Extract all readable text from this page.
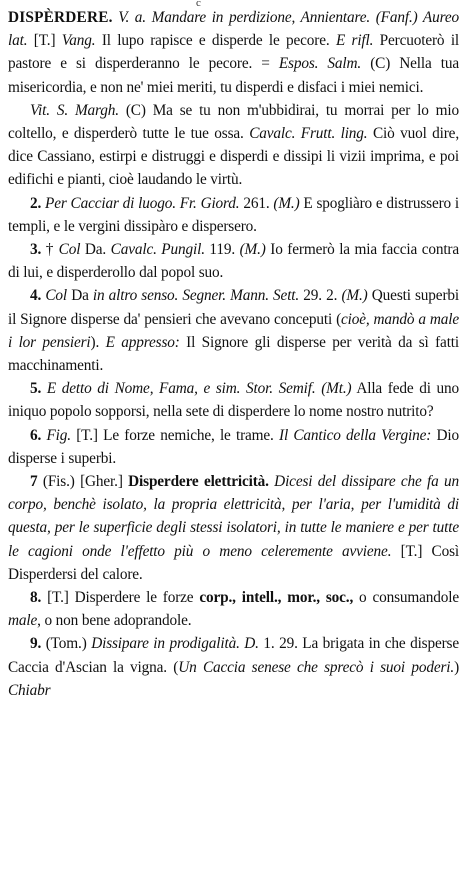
c

DISPÈRDERE. V. a. Mandare in perdizione, Annientare. (Fanf.) Aureo lat. [T.] Vang. Il lupo rapisce e disperde le pecore. E rifl. Percuoterò il pastore e si disperderanno le pecore. = Espos. Salm. (C) Nella tua misericordia, e non ne' miei meriti, tu disperdi e disfaci i miei nemici.

Vit. S. Margh. (C) Ma se tu non m'ubbidirai, tu morrai per lo mio coltello, e disperderò tutte le tue ossa. Cavalc. Frutt. ling. Ciò vuol dire, dice Cassiano, estirpi e distruggi e disperdi e dissipi li vizii imprima, e poi edifichi e pianti, cioè laudando le virtù.

2. Per Cacciar di luogo. Fr. Giord. 261. (M.) E spogliàro e distrussero i templi, e le vergini dissipàro e dispersero.

3. † Col Da. Cavalc. Pungil. 119. (M.) Io fermerò la mia faccia contra di lui, e disperderollo dal popol suo.

4. Col Da in altro senso. Segner. Mann. Sett. 29. 2. (M.) Questi superbi il Signore disperse da' pensieri che avevano conceputi (cioè, mandò a male i lor pensieri). E appresso: Il Signore gli disperse per verità da sì fatti macchinamenti.

5. E detto di Nome, Fama, e sim. Stor. Semif. (Mt.) Alla fede di uno iniquo popolo sopporsi, nella sete di disperdere lo nome nostro nutrito?

6. Fig. [T.] Le forze nemiche, le trame. Il Cantico della Vergine: Dio disperse i superbi.

7 (Fis.) [Gher.] Disperdere elettricità. Dicesi del dissipare che fa un corpo, benchè isolato, la propria elettricità, per l'aria, per l'umidità di questa, per le superficie degli stessi isolatori, in tutte le maniere e per tutte le cagioni onde l'effetto più o meno celeremente avviene. [T.] Così Disperdersi del calore.

8. [T.] Disperdere le forze corp., intell., mor., soc., o consumandole male, o non bene adoprandole.

9. (Tom.) Dissipare in prodigalità. D. 1. 29. La brigata in che disperse Caccia d'Ascian la vigna. (Un Caccia senese che sprecò i suoi poderi.) Chiabr
